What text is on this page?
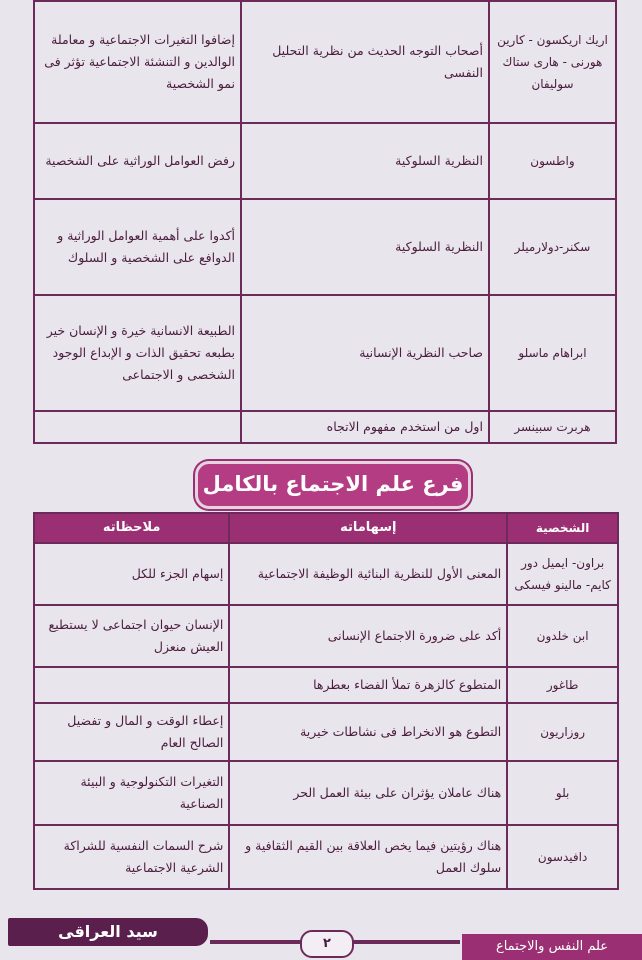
اريك اريكسون - كارين هورنى - هارى ستاك سوليفان	أصحاب التوجه الحديث من نظرية التحليل النفسى	إضافوا التغيرات الاجتماعية و معاملة الوالدين و التنشئة الاجتماعية تؤثر فى نمو الشخصية
واطسون	النظرية السلوكية	رفض العوامل الوراثية على الشخصية
سكنر-دولارميلر	النظرية السلوكية	أكدوا على أهمية العوامل الوراثية و الدوافع على الشخصية و السلوك
ابراهام ماسلو	صاحب النظرية الإنسانية	الطبيعة الانسانية خيرة و الإنسان خير بطبعه تحقيق الذات و الإبداع الوجود الشخصى و الاجتماعى
هربرت سبينسر	اول من استخدم مفهوم الاتجاه	
فرع علم الاجتماع بالكامل
الشخصية	إسهاماته	ملاحظاته
براون- ايميل دور كايم- مالينو فيسكى	المعنى الأول للنظرية البنائية الوظيفة الاجتماعية	إسهام الجزء للكل
ابن خلدون	أكد على ضرورة الاجتماع الإنسانى	الإنسان حيوان اجتماعى لا يستطيع العيش منعزل
طاغور	المتطوع كالزهرة تملأ الفضاء بعطرها	
روزاريون	التطوع هو الانخراط فى نشاطات خيرية	إعطاء الوقت و المال و تفضيل الصالح العام
بلو	هناك عاملان يؤثران على بيئة العمل الحر	التغيرات التكنولوجية و البيئة الصناعية
دافيدسون	هناك رؤيتين فيما يخص العلاقة بين القيم الثقافية و سلوك العمل	شرح السمات النفسية للشراكة الشرعية الاجتماعية
سيد العراقى
٢	علم النفس والاجتماع
